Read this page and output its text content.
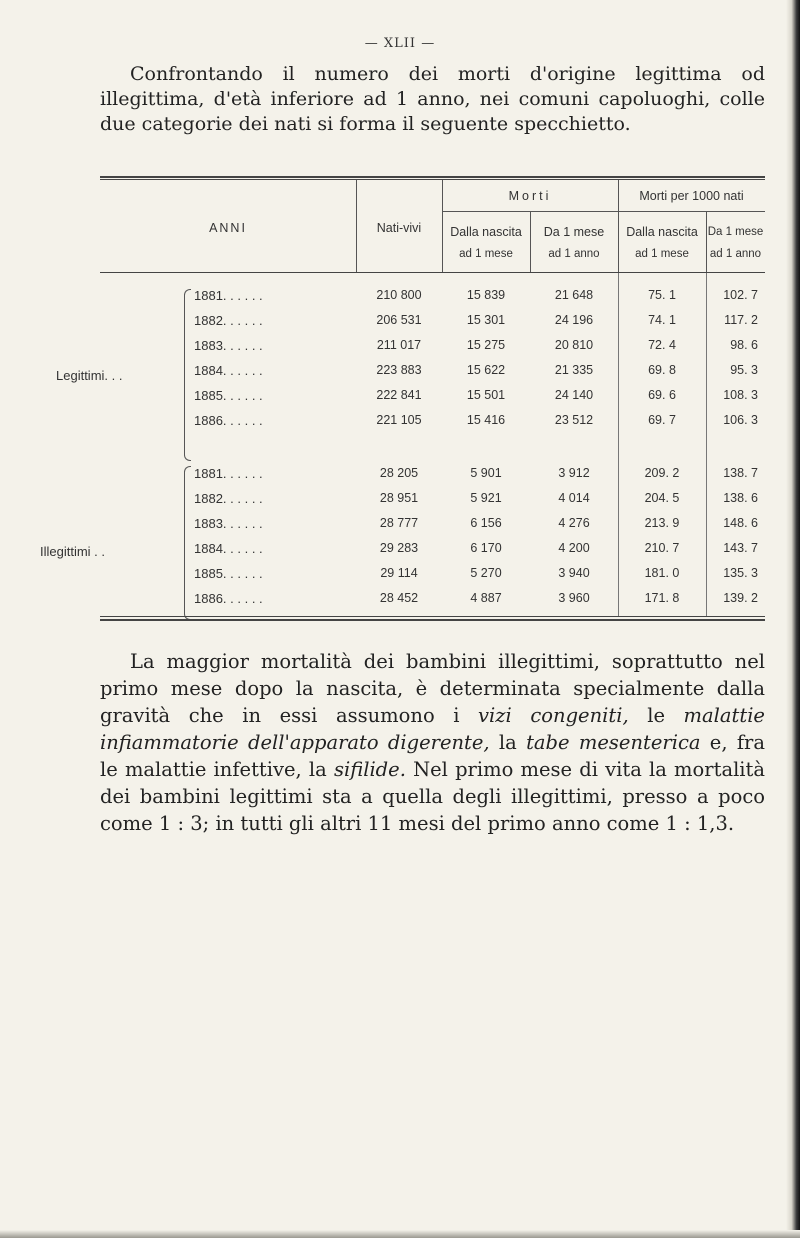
— XLII —

Confrontando il numero dei morti d'origine legittima od illegittima, d'età inferiore ad 1 anno, nei comuni capoluoghi, colle due categorie dei nati si forma il seguente specchietto.

ANNI	Nati-vivi
Morti	Morti per 1000 nati
Dalla nascita
ad 1 mese
Da 1 mese
ad 1 anno
Dalla nascita
ad 1 mese
Da 1 mese
ad 1 anno
Legittimi. . .
Illegittimi . .
1881. . . . . .	210 800	15 839	21 648	75. 1	102. 7
1882. . . . . .	206 531	15 301	24 196	74. 1	117. 2
1883. . . . . .	211 017	15 275	20 810	72. 4	98. 6
1884. . . . . .	223 883	15 622	21 335	69. 8	95. 3
1885. . . . . .	222 841	15 501	24 140	69. 6	108. 3
1886. . . . . .	221 105	15 416	23 512	69. 7	106. 3
1881. . . . . .	28 205	5 901	3 912	209. 2	138. 7
1882. . . . . .	28 951	5 921	4 014	204. 5	138. 6
1883. . . . . .	28 777	6 156	4 276	213. 9	148. 6
1884. . . . . .	29 283	6 170	4 200	210. 7	143. 7
1885. . . . . .	29 114	5 270	3 940	181. 0	135. 3
1886. . . . . .	28 452	4 887	3 960	171. 8	139. 2

La maggior mortalità dei bambini illegittimi, soprattutto nel primo mese dopo la nascita, è determinata specialmente dalla gravità che in essi assumono i vizi congeniti, le malattie infiammatorie dell'apparato digerente, la tabe mesenterica e, fra le malattie infettive, la sifilide. Nel primo mese di vita la mortalità dei bambini legittimi sta a quella degli illegittimi, presso a poco come 1 : 3; in tutti gli altri 11 mesi del primo anno come 1 : 1,3.
